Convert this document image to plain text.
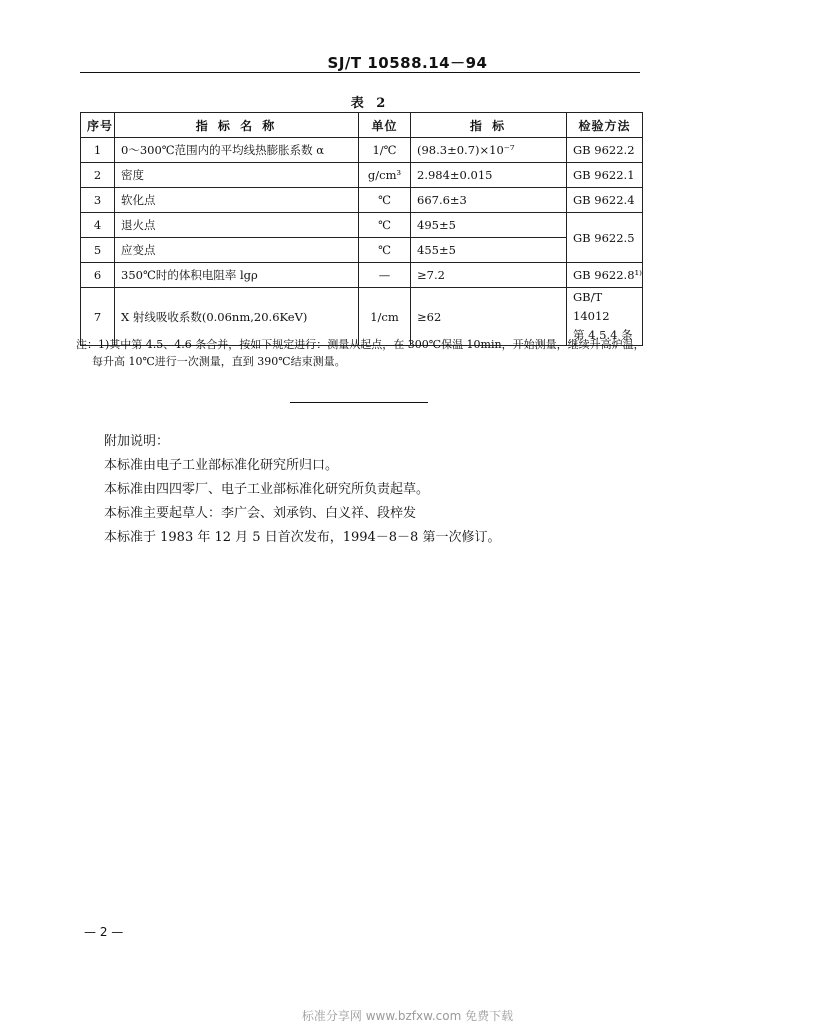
SJ/T 10588.14－94
表 2
序号	指 标 名 称	单位	指 标	检验方法
1	0～300℃范围内的平均线热膨胀系数 α	1/℃	(98.3±0.7)×10⁻⁷	GB 9622.2
2	密度	g/cm³	2.984±0.015	GB 9622.1
3	软化点	℃	667.6±3	GB 9622.4
4	退火点	℃	495±5	GB 9622.5
5	应变点	℃	455±5	
6	350℃时的体积电阻率 lgρ	—	≥7.2	GB 9622.8¹⁾
7	X 射线吸收系数(0.06nm,20.6KeV)	1/cm	≥62	GB/T 14012
第 4.5.4 条
注：1)其中第 4.5、4.6 条合并，按如下规定进行：测量从起点，在 300℃保温 10min，开始测量，继续升高炉温，
每升高 10℃进行一次测量，直到 390℃结束测量。
附加说明：
本标准由电子工业部标准化研究所归口。
本标准由四四零厂、电子工业部标准化研究所负责起草。
本标准主要起草人：李广会、刘承钧、白义祥、段梓发
本标准于 1983 年 12 月 5 日首次发布，1994－8－8 第一次修订。
— 2 —
标准分享网 www.bzfxw.com 免费下载
